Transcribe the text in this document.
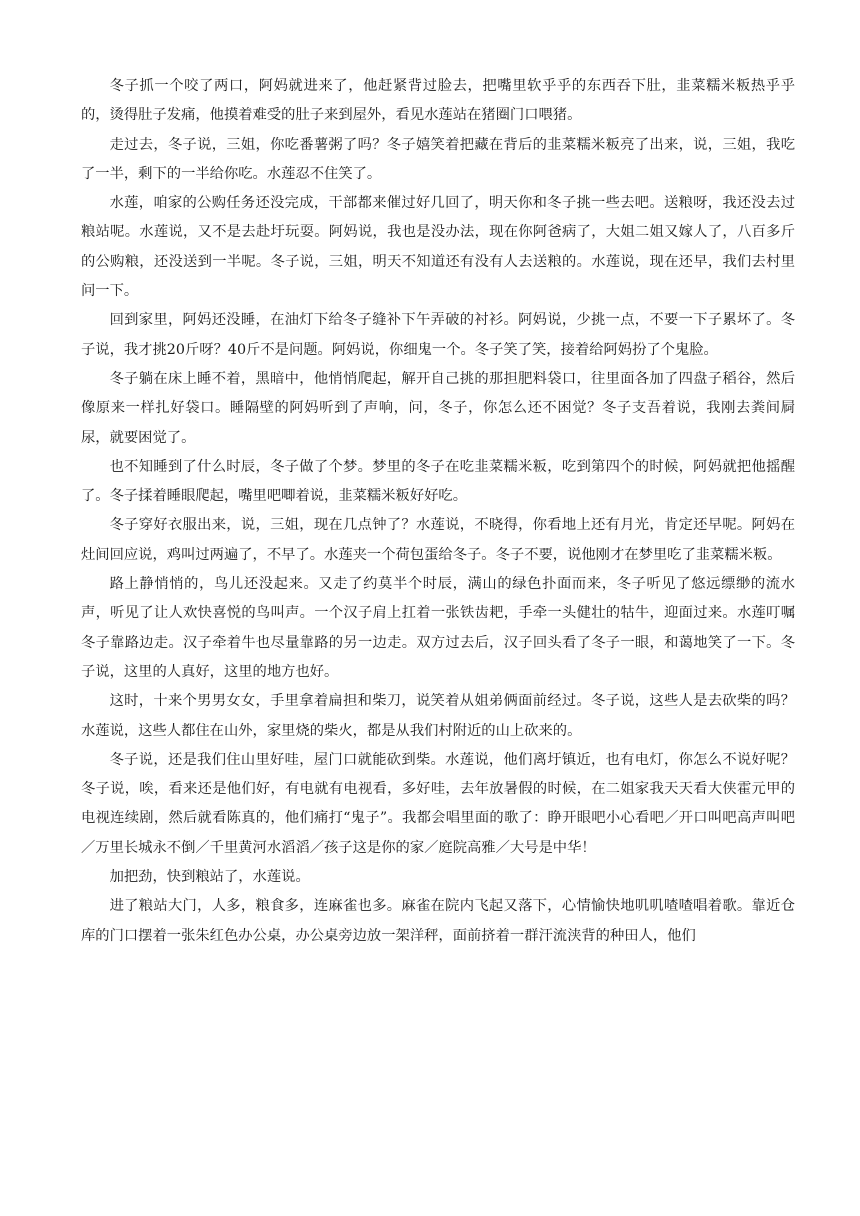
冬子抓一个咬了两口，阿妈就进来了，他赶紧背过脸去，把嘴里软乎乎的东西吞下肚，韭菜糯米粄热乎乎的，烫得肚子发痛，他摸着难受的肚子来到屋外，看见水莲站在猪圈门口喂猪。

走过去，冬子说，三姐，你吃番薯粥了吗？冬子嬉笑着把藏在背后的韭菜糯米粄亮了出来，说，三姐，我吃了一半，剩下的一半给你吃。水莲忍不住笑了。

水莲，咱家的公购任务还没完成，干部都来催过好几回了，明天你和冬子挑一些去吧。送粮呀，我还没去过粮站呢。水莲说，又不是去赴圩玩耍。阿妈说，我也是没办法，现在你阿爸病了，大姐二姐又嫁人了，八百多斤的公购粮，还没送到一半呢。冬子说，三姐，明天不知道还有没有人去送粮的。水莲说，现在还早，我们去村里问一下。

回到家里，阿妈还没睡，在油灯下给冬子缝补下午弄破的衬衫。阿妈说，少挑一点，不要一下子累坏了。冬子说，我才挑20斤呀？40斤不是问题。阿妈说，你细鬼一个。冬子笑了笑，接着给阿妈扮了个鬼脸。

冬子躺在床上睡不着，黑暗中，他悄悄爬起，解开自己挑的那担肥料袋口，往里面各加了四盘子稻谷，然后像原来一样扎好袋口。睡隔壁的阿妈听到了声响，问，冬子，你怎么还不困觉？冬子支吾着说，我刚去粪间屙尿，就要困觉了。

也不知睡到了什么时辰，冬子做了个梦。梦里的冬子在吃韭菜糯米粄，吃到第四个的时候，阿妈就把他摇醒了。冬子揉着睡眼爬起，嘴里吧唧着说，韭菜糯米粄好好吃。

冬子穿好衣服出来，说，三姐，现在几点钟了？水莲说，不晓得，你看地上还有月光，肯定还早呢。阿妈在灶间回应说，鸡叫过两遍了，不早了。水莲夹一个荷包蛋给冬子。冬子不要，说他刚才在梦里吃了韭菜糯米粄。

路上静悄悄的，鸟儿还没起来。又走了约莫半个时辰，满山的绿色扑面而来，冬子听见了悠远缥缈的流水声，听见了让人欢快喜悦的鸟叫声。一个汉子肩上扛着一张铁齿耙，手牵一头健壮的牯牛，迎面过来。水莲叮嘱冬子靠路边走。汉子牵着牛也尽量靠路的另一边走。双方过去后，汉子回头看了冬子一眼，和蔼地笑了一下。冬子说，这里的人真好，这里的地方也好。

这时，十来个男男女女，手里拿着扁担和柴刀，说笑着从姐弟俩面前经过。冬子说，这些人是去砍柴的吗？水莲说，这些人都住在山外，家里烧的柴火，都是从我们村附近的山上砍来的。

冬子说，还是我们住山里好哇，屋门口就能砍到柴。水莲说，他们离圩镇近，也有电灯，你怎么不说好呢？冬子说，唉，看来还是他们好，有电就有电视看，多好哇，去年放暑假的时候，在二姐家我天天看大侠霍元甲的电视连续剧，然后就看陈真的，他们痛打“鬼子”。我都会唱里面的歌了：睁开眼吧小心看吧／开口叫吧高声叫吧／万里长城永不倒／千里黄河水滔滔／孩子这是你的家／庭院高雅／大号是中华！

加把劲，快到粮站了，水莲说。

进了粮站大门，人多，粮食多，连麻雀也多。麻雀在院内飞起又落下，心情愉快地叽叽喳喳唱着歌。靠近仓库的门口摆着一张朱红色办公桌，办公桌旁边放一架洋秤，面前挤着一群汗流浃背的种田人，他们
